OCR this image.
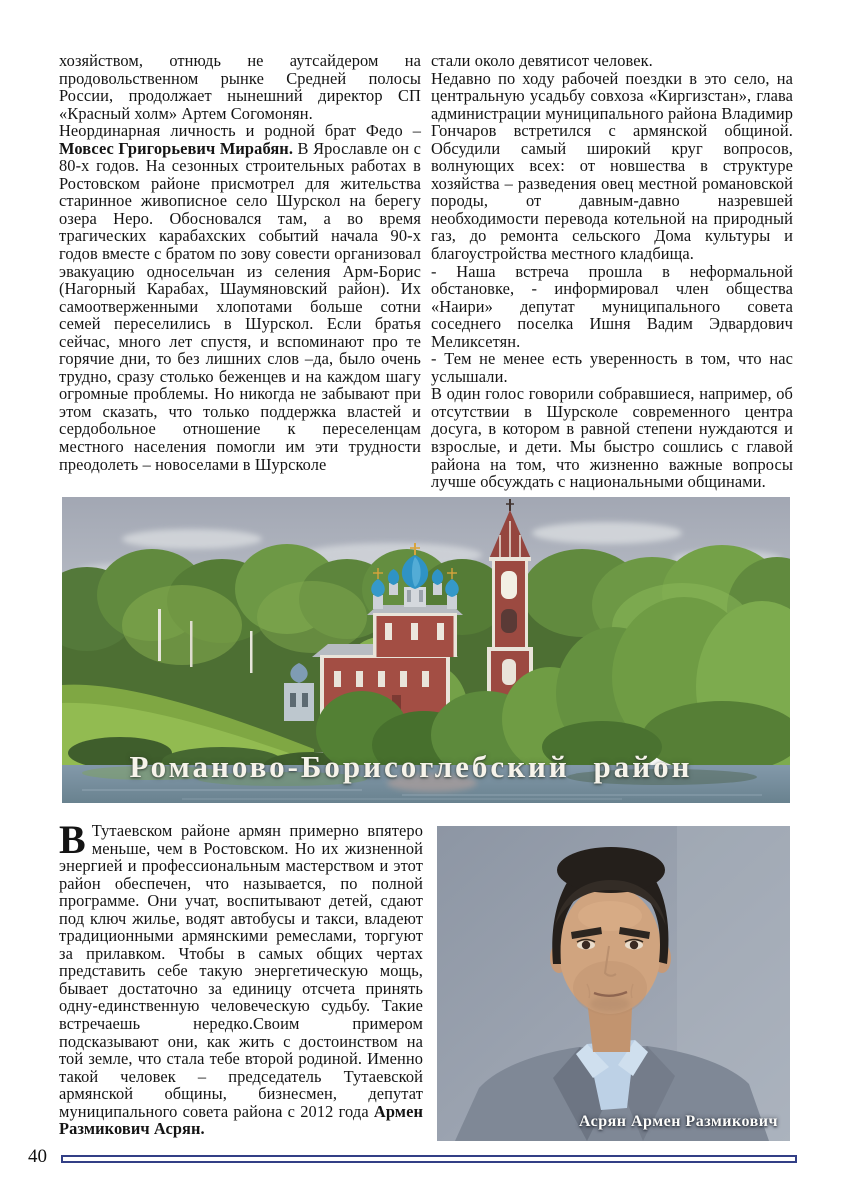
хозяйством, отнюдь не аутсайдером на продовольственном рынке Средней полосы России, продолжает нынешний директор СП «Красный холм» Артем Согомонян.

Неординарная личность и родной брат Федо – Мовсес Григорьевич Мирабян. В Ярославле он с 80-х годов. На сезонных строительных работах в Ростовском районе присмотрел для жительства старинное живописное село Шурскол на берегу озера Неро. Обосновался там, а во время трагических карабахских событий начала 90-х годов вместе с братом по зову совести организовал эвакуацию односельчан из селения Арм-Борис (Нагорный Карабах, Шаумяновский район). Их самоотверженными хлопотами больше сотни семей переселились в Шурскол. Если братья сейчас, много лет спустя, и вспоминают про те горячие дни, то без лишних слов –да, было очень трудно, сразу столько беженцев и на каждом шагу огромные проблемы. Но никогда не забывают при этом сказать, что только поддержка властей и сердобольное отношение к переселенцам местного населения помогли им эти трудности преодолеть – новоселами в Шурсколе

стали около девятисот человек.

Недавно по ходу рабочей поездки в это село, на центральную усадьбу совхоза «Киргизстан», глава администрации муниципального района Владимир Гончаров встретился с армянской общиной. Обсудили самый широкий круг вопросов, волнующих всех: от новшества в структуре хозяйства – разведения овец местной романовской породы, от давным-давно назревшей необходимости перевода котельной на природный газ, до ремонта сельского Дома культуры и благоустройства местного кладбища.

- Наша встреча прошла в неформальной обстановке, - информировал член общества «Наири» депутат муниципального совета соседнего поселка Ишня Вадим Эдвардович Меликсетян.

- Тем не менее есть уверенность в том, что нас услышали.

В один голос говорили собравшиеся, например, об отсутствии в Шурсколе современного центра досуга, в котором в равной степени нуждаются и взрослые, и дети. Мы быстро сошлись с главой района на том, что жизненно важные вопросы лучше обсуждать с национальными общинами.

Романово-Борисоглебский район

В Тутаевском районе армян примерно впятеро меньше, чем в Ростовском. Но их жизненной энергией и профессиональным мастерством и этот район обеспечен, что называется, по полной программе. Они учат, воспитывают детей, сдают под ключ жилье, водят автобусы и такси, владеют традиционными армянскими ремеслами, торгуют за прилавком. Чтобы в самых общих чертах представить себе такую энергетическую мощь, бывает достаточно за единицу отсчета принять одну-единственную человеческую судьбу. Такие встречаешь нередко.Своим примером подсказывают они, как жить с достоинством на той земле, что стала тебе второй родиной. Именно такой человек – председатель Тутаевской армянской общины, бизнесмен, депутат муниципального совета района с 2012 года Армен Размикович Асрян.	Асрян Армен Размикович
40
